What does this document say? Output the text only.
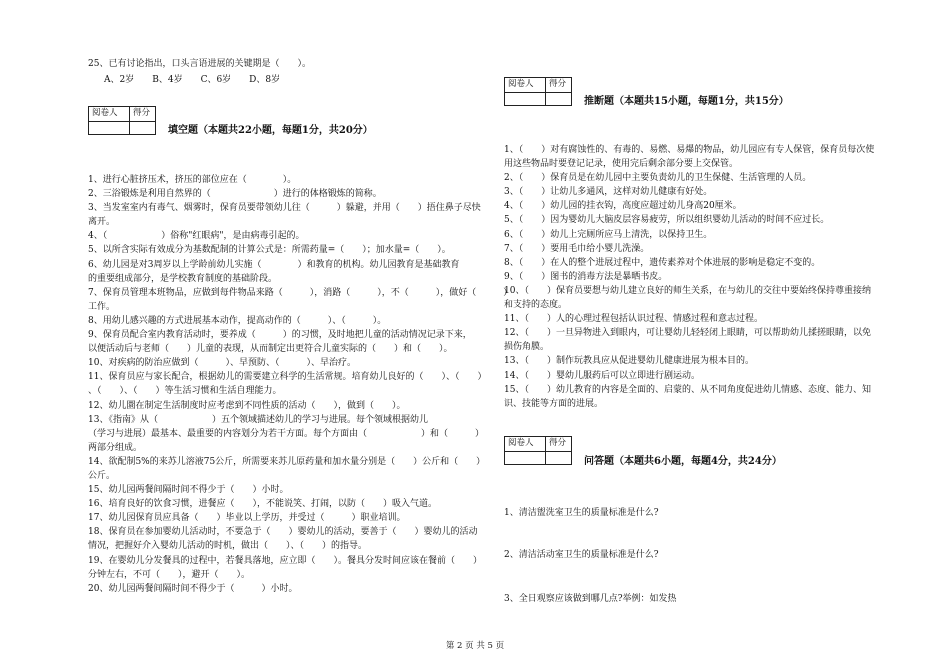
25、已有讨论指出，口头言语进展的关键期是（　　）。
A、2岁　　B、4岁　　C、6岁　　D、8岁
阅卷人	得分

填空题（本题共22小题，每题1分，共20分）
1、进行心脏挤压术，挤压的部位应在（　　　　）。
2、三浴锻炼是利用自然界的（　　　　　　　）进行的体格锻炼的简称。
3、当发室室内有毒气、烟雾时，保育员要带领幼儿往（　　　）躲避，并用（　　）捂住鼻子尽快
离开。
4、（　　　　　　）俗称"红眼病"，是由病毒引起的。
5、以所含实际有效成分为基数配制的计算公式是：所需药量=（　　）；加水量=（　　）。
6、幼儿园是对3周岁以上学龄前幼儿实施（　　　　）和教育的机构。幼儿园教育是基础教育
的重要组成部分，是学校教育制度的基础阶段。
7、保育员管理本班物品，应做到每件物品来路（　　　），消路（　　　），不（　　　），做好（　　　）
工作。
8、用幼儿感兴趣的方式进展基本动作，提高动作的（　　　）、（　　　）。
9、保育员配合室内教育活动时，要养成（　　　）的习惯，及时地把儿童的活动情况记录下来，
以便活动后与老师（　　）儿童的表现，从而制定出更符合儿童实际的（　　）和（　　）。
10、对疾病的防治应做到（　　　）、早预防、（　　　）、早治疗。
11、保育员应与家长配合，根据幼儿的需要建立科学的生活常规。培育幼儿良好的（　　）、（　　）
、（　　）、（　　）等生活习惯和生活自理能力。
12、幼儿圜在制定生活制度时应考虑到不同性质的活动（　　），做到（　　）。
13、《指南》从（　　　　　　）五个领域描述幼儿的学习与进展。每个领域根据幼儿
（学习与进展）最基本、最重要的内容划分为若干方面。每个方面由（　　　　　　）和（　　　）
两部分组成。
14、欲配制5%的来苏儿溶液75公斤，所需要来苏儿原药量和加水量分别是（　　）公斤和（　　）
公斤。
15、幼儿园两餐间隔时间不得少于（　　）小时。
16、培育良好的饮食习惯，进餐应（　　），不能说笑、打闹，以防（　　）吸入气道。
17、幼儿园保育员应具备（　　）毕业以上学历，并受过（　　　）职业培训。
18、保育员在参加婴幼儿活动时，不要急于（　　）婴幼儿的活动，要善于（　　）婴幼儿的活动
情况，把握好介入婴幼儿活动的时机，做出（　　）、（　　）的指导。
19、在婴幼儿分发餐具的过程中，若餐具落地，应立即（　　）。餐具分发时间应该在餐前（　　）
分钟左右，不可（　　），避开（　　）。
20、幼儿园两餐间隔时间不得少于（　　　）小时。
阅卷人	得分

推断题（本题共15小题，每题1分，共15分）
1、（　　）对有腐蚀性的、有毒的、易燃、易爆的物品，幼儿园应有专人保管，保育员每次使
用这些物品时要登记记录，使用完后剩余部分要上交保管。
2、（　　）保育员是在幼儿园中主要负责幼儿的卫生保健、生活管理的人员。
3、（　　）让幼儿多通风，这样对幼儿健康有好处。
4、（　　）幼儿园的挂衣钩，高度应超过幼儿身高20厘米。
5、（　　）因为婴幼儿大脑皮层容易疲劳，所以组织婴幼儿活动的时间不应过长。
6、（　　）幼儿上完厕所应马上清洗，以保持卫生。
7、（　　）要用毛巾给小婴儿洗澡。
8、（　　）在人的整个进展过程中，遗传素养对个体进展的影响是稳定不变的。
9、（　　）图书的消毒方法是暴晒书皮。
10、（　　）保育员要想与幼儿建立良好的师生关系，在与幼儿的交往中要始终保持尊重接纳
和支持的态度。
11、（　　）人的心理过程包括认识过程、情感过程和意志过程。
12、（　　）一旦异物进入到眼内，可让婴幼儿轻轻闭上眼睛，可以帮助幼儿揉搓眼睛，以免
损伤角膜。
13、（　　）制作玩教具应从促进婴幼儿健康进展为根本目的。
14、（　　）婴幼儿服药后可以立即进行剧运动。
15、（　　）幼儿教育的内容是全面的、启蒙的、从不同角度促进幼儿情感、态度、能力、知
识、技能等方面的进展。
阅卷人	得分

问答题（本题共6小题，每题4分，共24分）
1、清洁盥洗室卫生的质量标准是什么?
2、清洁活动室卫生的质量标准是什么?
3、全日观察应该做到哪几点?举例：如发热
第 2 页 共 5 页
